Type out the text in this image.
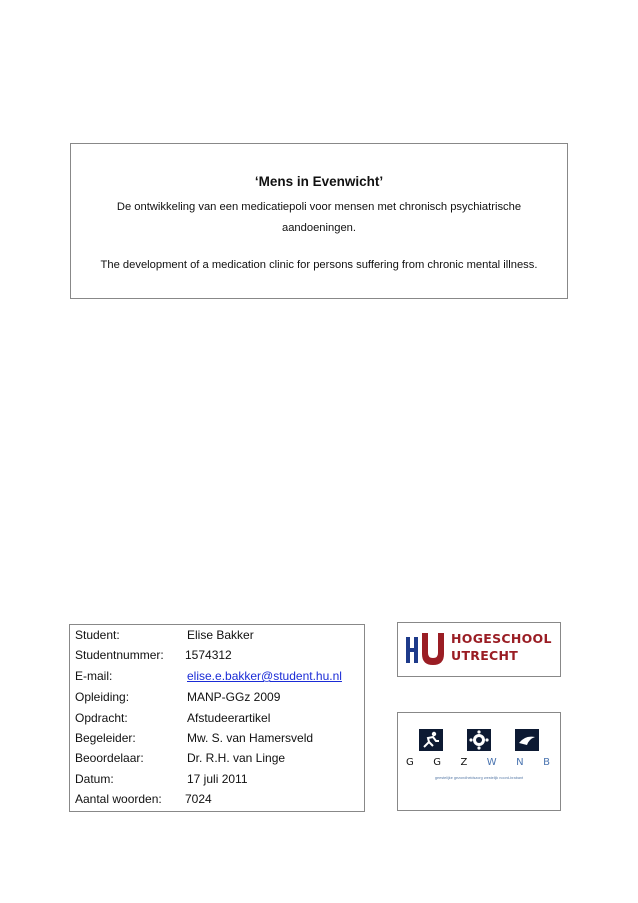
‘Mens in Evenwicht’
De ontwikkeling van een medicatiepoli voor mensen met chronisch psychiatrische aandoeningen.
The development of a medication clinic for persons suffering from chronic mental illness.
Student:	Elise Bakker
Studentnummer: 1574312
E-mail:	elise.e.bakker@student.hu.nl
Opleiding:	MANP-GGz 2009
Opdracht:	Afstudeerartikel
Begeleider:	Mw. S. van Hamersveld
Beoordelaar:	Dr. R.H. van Linge
Datum:	17 juli 2011
Aantal woorden: 7024
HOGESCHOOL
UTRECHT
G G Z W N B
geestelijke gezondheidszorg westelijk noord-brabant
